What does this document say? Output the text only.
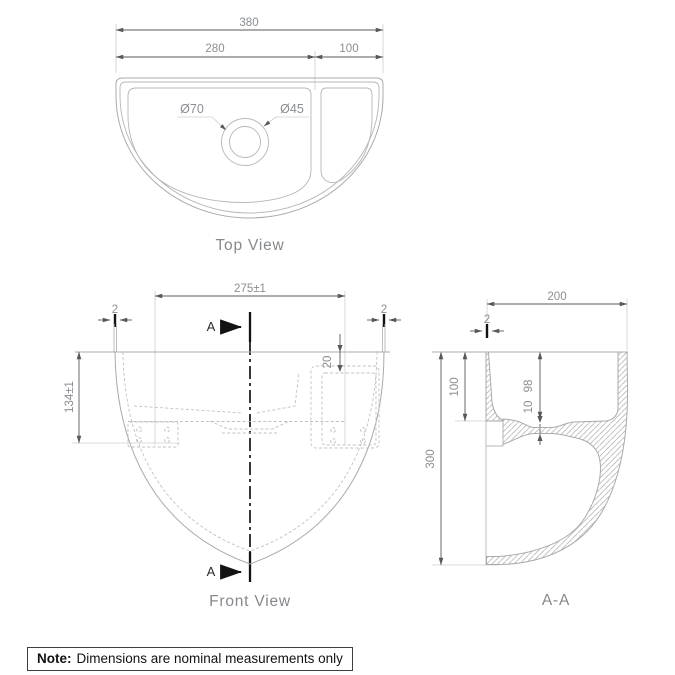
380
280	100
Ø70	Ø45
Top View
275±1
2	2
A
A
134±1
20
Front View
200
2
300
100	98
10
A-A
Note: Dimensions are nominal measurements only
